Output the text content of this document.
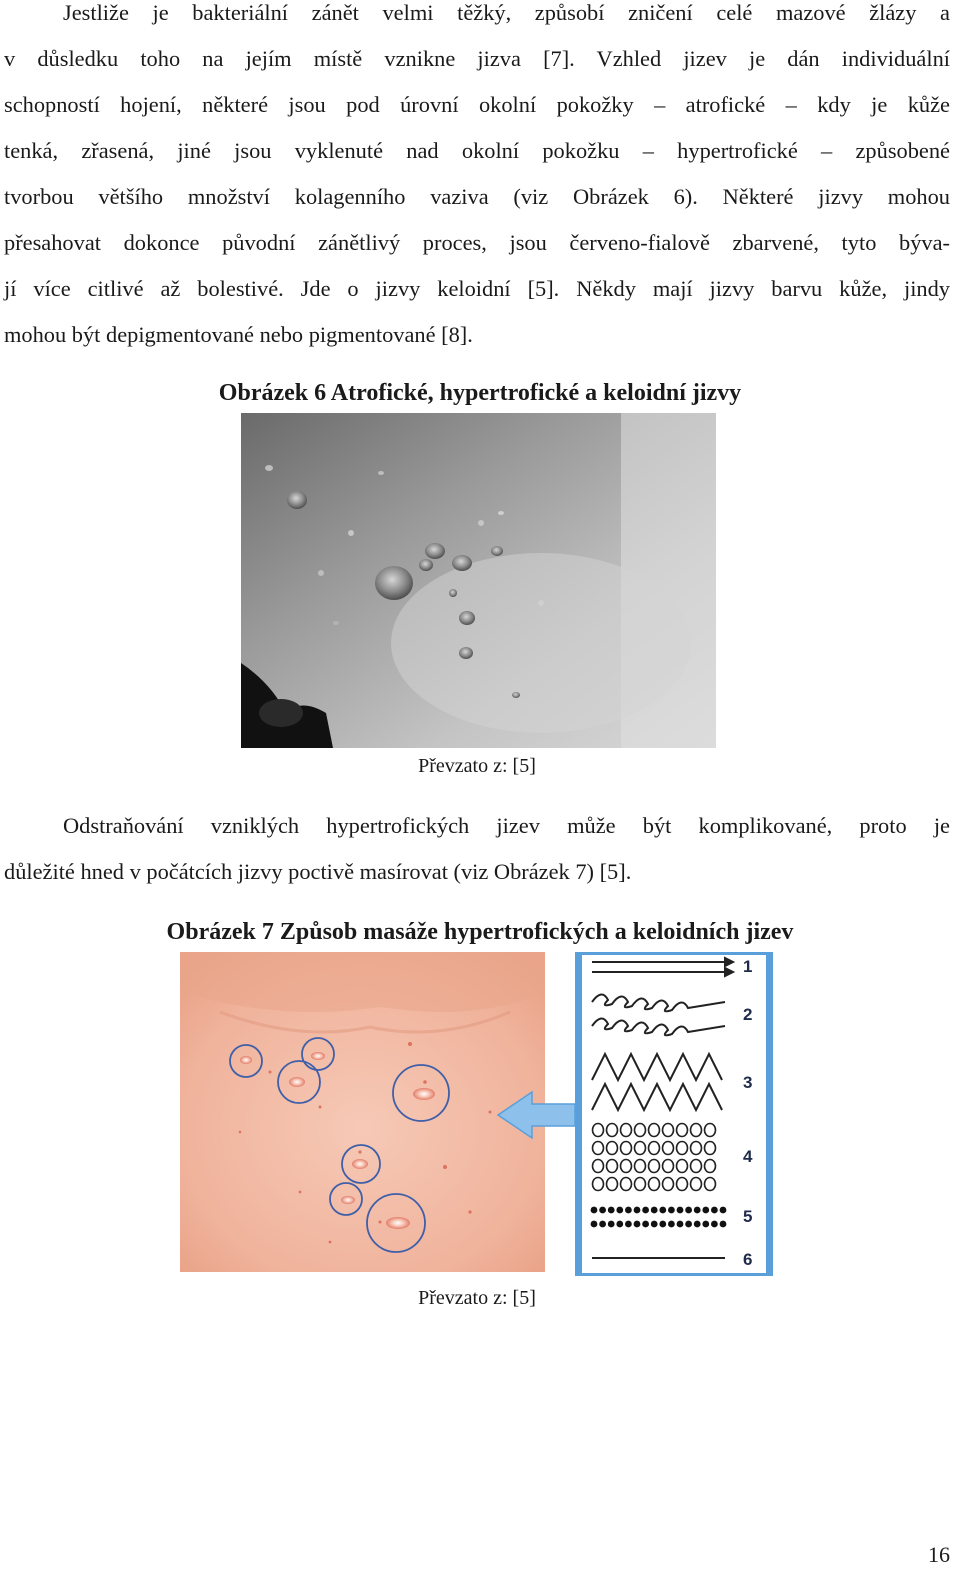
Jestliže je bakteriální zánět velmi těžký, způsobí zničení celé mazové žlázy a
v důsledku toho na jejím místě vznikne jizva [7]. Vzhled jizev je dán individuální
schopností hojení, některé jsou pod úrovní okolní pokožky – atrofické – kdy je kůže
tenká, zřasená, jiné jsou vyklenuté nad okolní pokožku – hypertrofické – způsobené
tvorbou většího množství kolagenního vaziva (viz Obrázek 6). Některé jizvy mohou
přesahovat dokonce původní zánětlivý proces, jsou červeno-fialově zbarvené, tyto býva-
jí více citlivé až bolestivé. Jde o jizvy keloidní [5]. Někdy mají jizvy barvu kůže, jindy
mohou být depigmentované nebo pigmentované [8].
Obrázek 6 Atrofické, hypertrofické a keloidní jizvy
Převzato z: [5]
Odstraňování vzniklých hypertrofických jizev může být komplikované, proto je
důležité hned v počátcích jizvy poctivě masírovat (viz Obrázek 7) [5].
Obrázek 7 Způsob masáže hypertrofických a keloidních jizev
1
2
3
4
5
6
Převzato z: [5]
16
